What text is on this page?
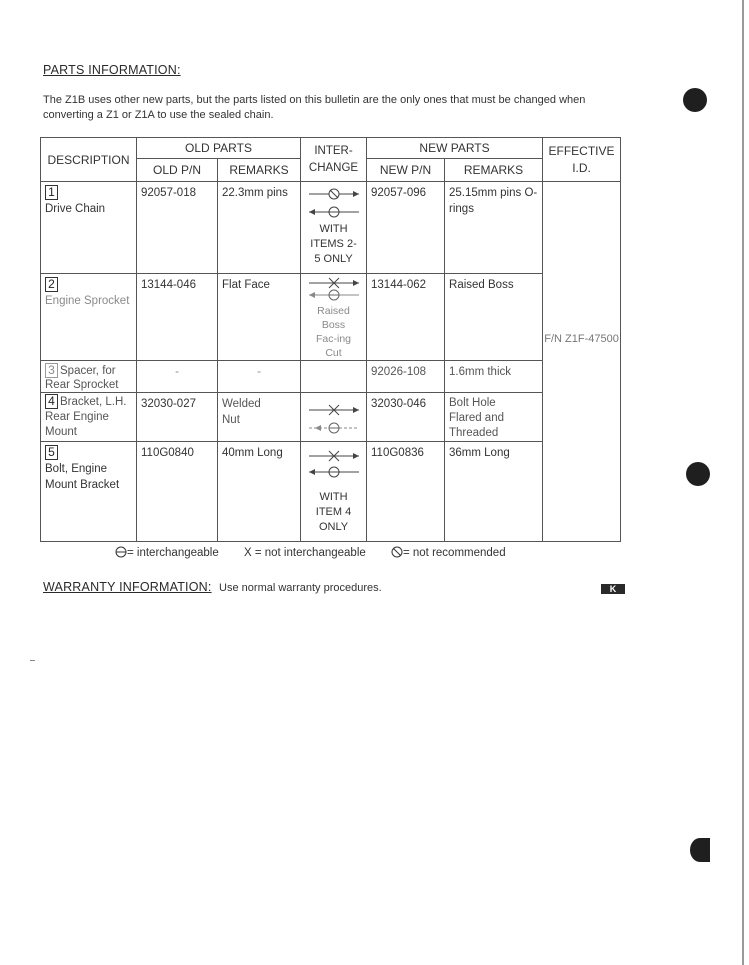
PARTS INFORMATION:
The Z1B uses other new parts, but the parts listed on this bulletin are the only ones that must be changed when converting a Z1 or Z1A to use the sealed chain.
DESCRIPTION	OLD PARTS		INTER-CHANGE	NEW PARTS		EFFECTIVE I.D.
	OLD P/N	REMARKS		NEW P/N	REMARKS	

1
Drive Chain	92057-018	22.3mm pins	WITH ITEMS 2-5 ONLY	92057-096	25.15mm pins O-rings	F/N Z1F-47500

2
Engine Sprocket	13144-046	Flat Face	Raised Boss Fac-ing Cut	13144-062	Raised Boss	

3 Spacer, for Rear Sprocket	-	-		92026-108	1.6mm thick	

4 Bracket, L.H. Rear Engine Mount	32030-027	Welded Nut		32030-046	Bolt Hole Flared and Threaded	

5
Bolt, Engine Mount Bracket	110G0840	40mm Long	WITH ITEM 4 ONLY	110G0836	36mm Long	
= interchangeable X = not interchangeable	= not recommended
WARRANTY INFORMATION: Use normal warranty procedures.	K
